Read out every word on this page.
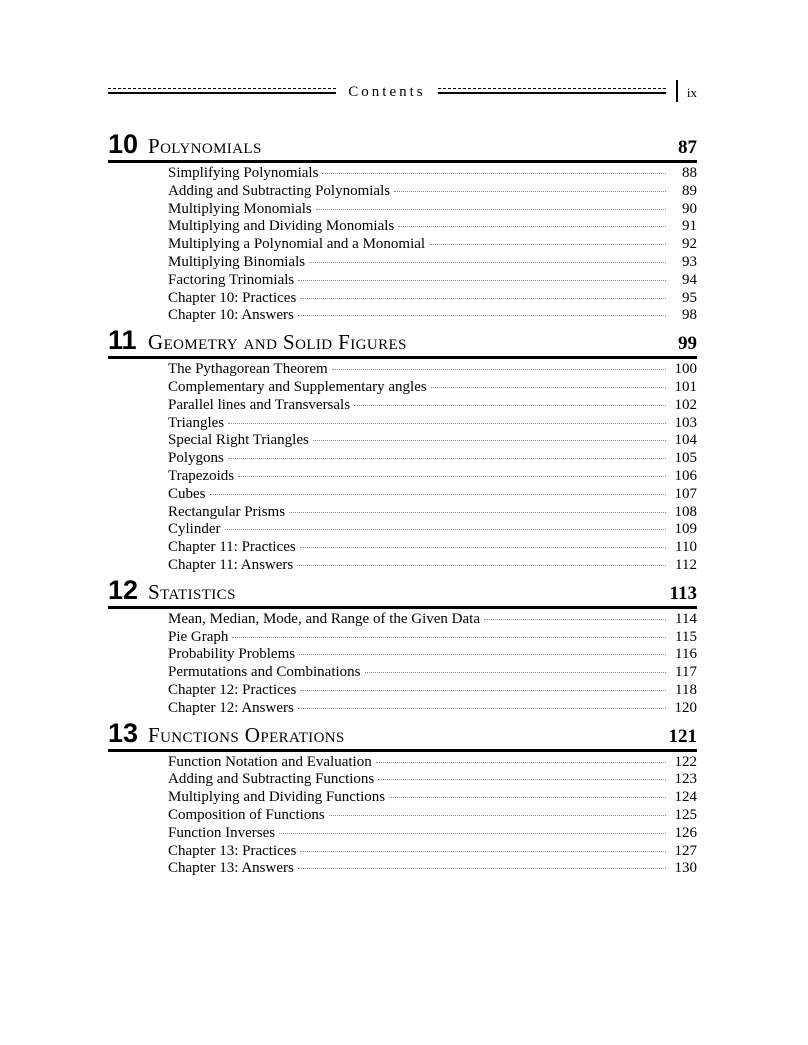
Contents	ix
10 Polynomials	87
Simplifying Polynomials	88
Adding and Subtracting Polynomials	89
Multiplying Monomials	90
Multiplying and Dividing Monomials	91
Multiplying a Polynomial and a Monomial	92
Multiplying Binomials	93
Factoring Trinomials	94
Chapter 10: Practices	95
Chapter 10: Answers	98
11 Geometry and Solid Figures	99
The Pythagorean Theorem	100
Complementary and Supplementary angles	101
Parallel lines and Transversals	102
Triangles	103
Special Right Triangles	104
Polygons	105
Trapezoids	106
Cubes	107
Rectangular Prisms	108
Cylinder	109
Chapter 11: Practices	110
Chapter 11: Answers	112
12 Statistics	113
Mean, Median, Mode, and Range of the Given Data	114
Pie Graph	115
Probability Problems	116
Permutations and Combinations	117
Chapter 12: Practices	118
Chapter 12: Answers	120
13 Functions Operations	121
Function Notation and Evaluation	122
Adding and Subtracting Functions	123
Multiplying and Dividing Functions	124
Composition of Functions	125
Function Inverses	126
Chapter 13: Practices	127
Chapter 13: Answers	130
